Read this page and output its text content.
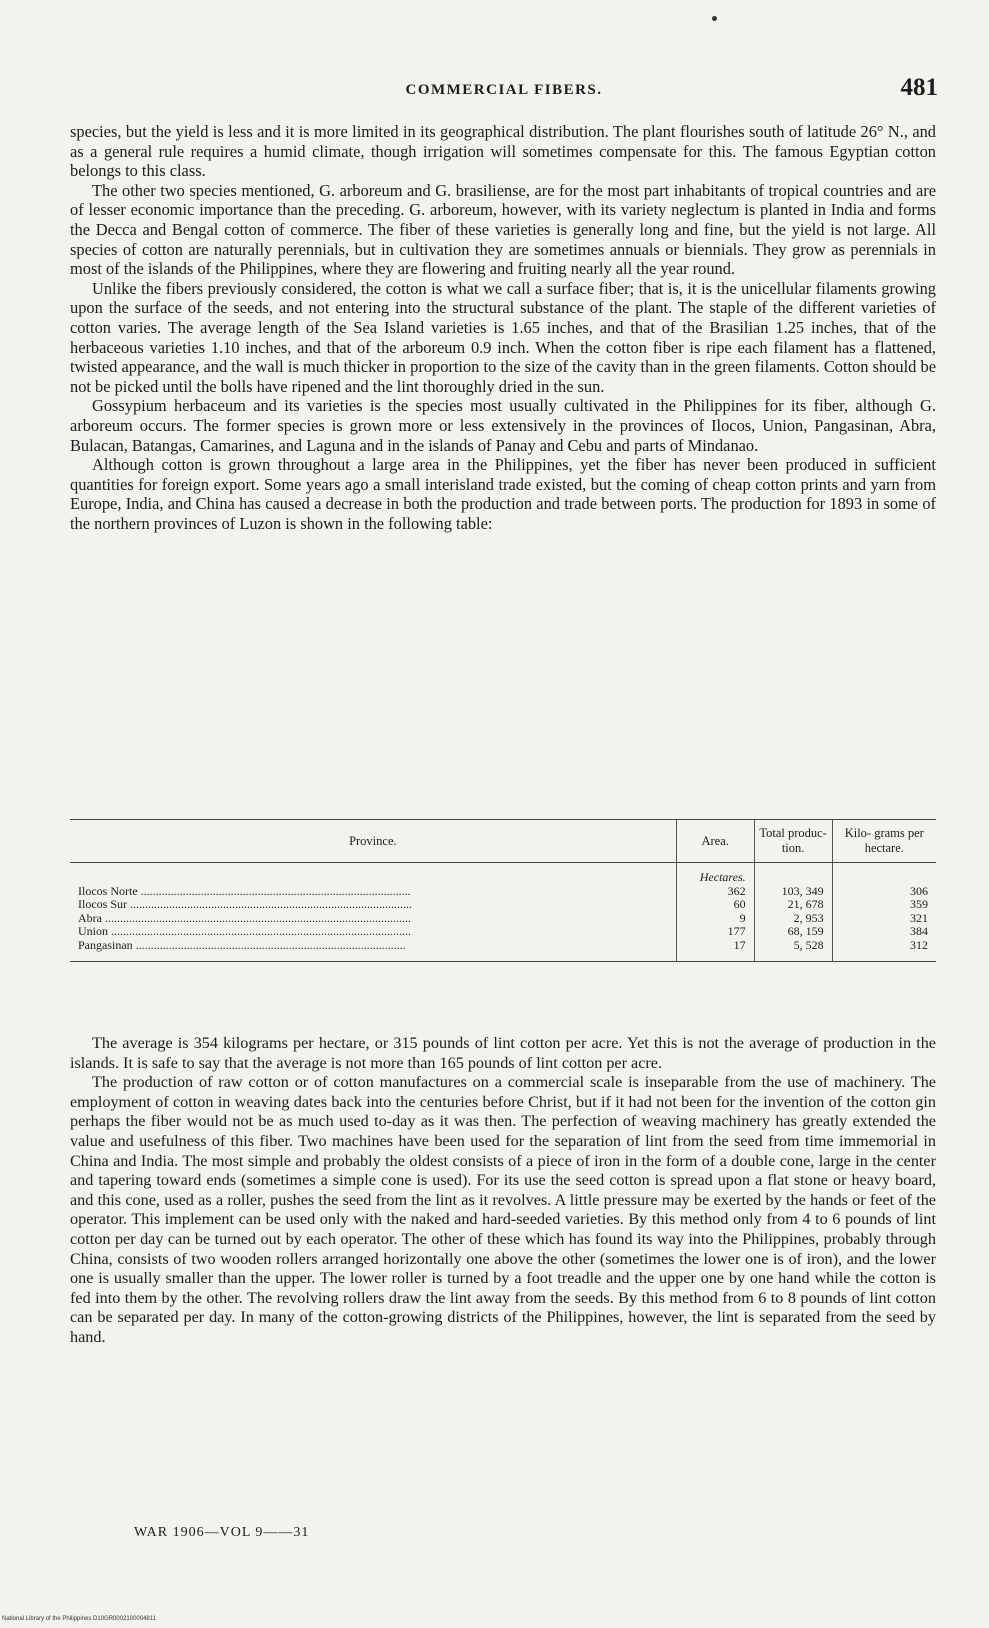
COMMERCIAL FIBERS.	481

species, but the yield is less and it is more limited in its geographical distribution. The plant flourishes south of latitude 26° N., and as a general rule requires a humid climate, though irrigation will sometimes compensate for this. The famous Egyptian cotton belongs to this class.

The other two species mentioned, G. arboreum and G. brasiliense, are for the most part inhabitants of tropical countries and are of lesser economic importance than the preceding. G. arboreum, however, with its variety neglectum is planted in India and forms the Decca and Bengal cotton of commerce. The fiber of these varieties is generally long and fine, but the yield is not large. All species of cotton are naturally perennials, but in cultivation they are sometimes annuals or biennials. They grow as perennials in most of the islands of the Philippines, where they are flowering and fruiting nearly all the year round.

Unlike the fibers previously considered, the cotton is what we call a surface fiber; that is, it is the unicellular filaments growing upon the surface of the seeds, and not entering into the structural substance of the plant. The staple of the different varieties of cotton varies. The average length of the Sea Island varieties is 1.65 inches, and that of the Brasilian 1.25 inches, that of the herbaceous varieties 1.10 inches, and that of the arboreum 0.9 inch. When the cotton fiber is ripe each filament has a flattened, twisted appearance, and the wall is much thicker in proportion to the size of the cavity than in the green filaments. Cotton should be not be picked until the bolls have ripened and the lint thoroughly dried in the sun.

Gossypium herbaceum and its varieties is the species most usually cultivated in the Philippines for its fiber, although G. arboreum occurs. The former species is grown more or less extensively in the provinces of Ilocos, Union, Pangasinan, Abra, Bulacan, Batangas, Camarines, and Laguna and in the islands of Panay and Cebu and parts of Mindanao.

Although cotton is grown throughout a large area in the Philippines, yet the fiber has never been produced in sufficient quantities for foreign export. Some years ago a small interisland trade existed, but the coming of cheap cotton prints and yarn from Europe, India, and China has caused a decrease in both the production and trade between ports. The production for 1893 in some of the northern provinces of Luzon is shown in the following table:

Province.	Area.	Total produc- tion.	Kilo- grams per hectare.
	Hectares.		
Ilocos Norte ..........................................................................................	362	103, 349	306
Ilocos Sur ..............................................................................................	60	21, 678	359
Abra ......................................................................................................	9	2, 953	321
Union ....................................................................................................	177	68, 159	384
Pangasinan ..........................................................................................	17	5, 528	312

The average is 354 kilograms per hectare, or 315 pounds of lint cotton per acre. Yet this is not the average of production in the islands. It is safe to say that the average is not more than 165 pounds of lint cotton per acre.

The production of raw cotton or of cotton manufactures on a commercial scale is inseparable from the use of machinery. The employment of cotton in weaving dates back into the centuries before Christ, but if it had not been for the invention of the cotton gin perhaps the fiber would not be as much used to-day as it was then. The perfection of weaving machinery has greatly extended the value and usefulness of this fiber. Two machines have been used for the separation of lint from the seed from time immemorial in China and India. The most simple and probably the oldest consists of a piece of iron in the form of a double cone, large in the center and tapering toward ends (sometimes a simple cone is used). For its use the seed cotton is spread upon a flat stone or heavy board, and this cone, used as a roller, pushes the seed from the lint as it revolves. A little pressure may be exerted by the hands or feet of the operator. This implement can be used only with the naked and hard-seeded varieties. By this method only from 4 to 6 pounds of lint cotton per day can be turned out by each operator. The other of these which has found its way into the Philippines, probably through China, consists of two wooden rollers arranged horizontally one above the other (sometimes the lower one is of iron), and the lower one is usually smaller than the upper. The lower roller is turned by a foot treadle and the upper one by one hand while the cotton is fed into them by the other. The revolving rollers draw the lint away from the seeds. By this method from 6 to 8 pounds of lint cotton can be separated per day. In many of the cotton-growing districts of the Philippines, however, the lint is separated from the seed by hand.

WAR 1906—VOL 9——31
National Library of the Philippines D10GR0002100004811
